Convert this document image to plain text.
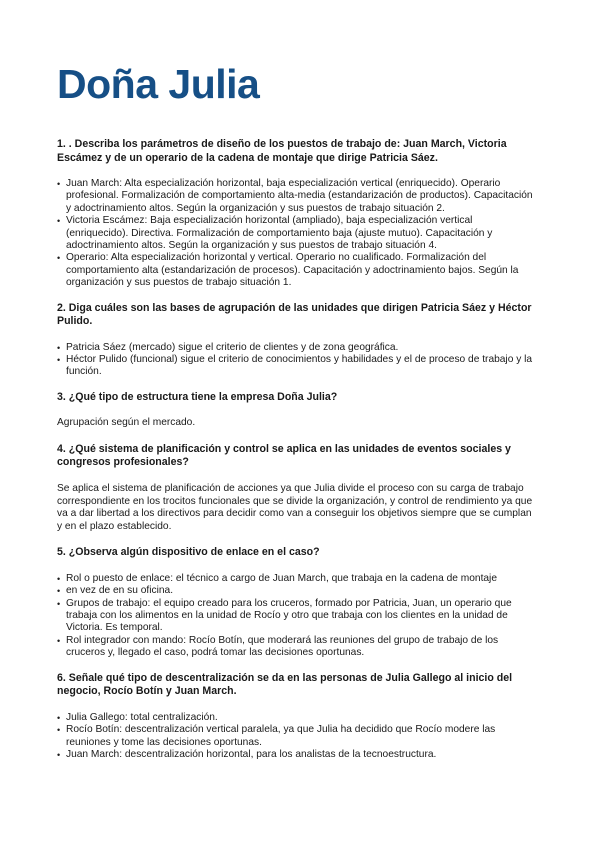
Doña Julia

1. . Describa los parámetros de diseño de los puestos de trabajo de: Juan March, Victoria Escámez y de un operario de la cadena de montaje que dirige Patricia Sáez.

• Juan March: Alta especialización horizontal, baja especialización vertical (enriquecido). Operario profesional. Formalización de comportamiento alta-media (estandarización de productos). Capacitación y adoctrinamiento altos. Según la organización y sus puestos de trabajo situación 2.
• Victoria Escámez: Baja especialización horizontal (ampliado), baja especialización vertical (enriquecido). Directiva. Formalización de comportamiento baja (ajuste mutuo). Capacitación y adoctrinamiento altos. Según la organización y sus puestos de trabajo situación 4.
• Operario: Alta especialización horizontal y vertical. Operario no cualificado. Formalización del comportamiento alta (estandarización de procesos). Capacitación y adoctrinamiento bajos. Según la organización y sus puestos de trabajo situación 1.

2. Diga cuáles son las bases de agrupación de las unidades que dirigen Patricia Sáez y Héctor Pulido.

• Patricia Sáez (mercado) sigue el criterio de clientes y de zona geográfica.
• Héctor Pulido (funcional) sigue el criterio de conocimientos y habilidades y el de proceso de trabajo y la función.

3. ¿Qué tipo de estructura tiene la empresa Doña Julia?

Agrupación según el mercado.

4. ¿Qué sistema de planificación y control se aplica en las unidades de eventos sociales y congresos profesionales?

Se aplica el sistema de planificación de acciones ya que Julia divide el proceso con su carga de trabajo correspondiente en los trocitos funcionales que se divide la organización, y control de rendimiento ya que va a dar libertad a los directivos para decidir como van a conseguir los objetivos siempre que se cumplan y en el plazo establecido.

5. ¿Observa algún dispositivo de enlace en el caso?

• Rol o puesto de enlace: el técnico a cargo de Juan March, que trabaja en la cadena de montaje
• en vez de en su oficina.
• Grupos de trabajo: el equipo creado para los cruceros, formado por Patricia, Juan, un operario que trabaja con los alimentos en la unidad de Rocío y otro que trabaja con los clientes en la unidad de Victoria. Es temporal.
• Rol integrador con mando: Rocío Botín, que moderará las reuniones del grupo de trabajo de los cruceros y, llegado el caso, podrá tomar las decisiones oportunas.

6. Señale qué tipo de descentralización se da en las personas de Julia Gallego al inicio del negocio, Rocío Botín y Juan March.

• Julia Gallego: total centralización.
• Rocío Botín: descentralización vertical paralela, ya que Julia ha decidido que Rocío modere las reuniones y tome las decisiones oportunas.
• Juan March: descentralización horizontal, para los analistas de la tecnoestructura.
